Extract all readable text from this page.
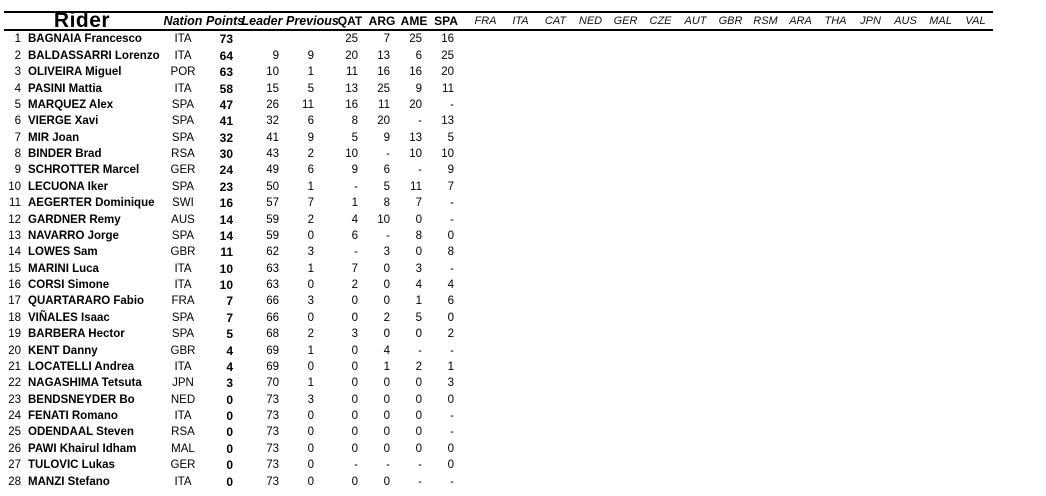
Rider		Nation	Points	Leader	Previous	QAT	ARG	AME	SPA		FRA	ITA	CAT	NED	GER	CZE	AUT	GBR	RSM	ARA	THA	JPN	AUS	MAL	VAL
1	BAGNAIA Francesco	ITA	73			25	7	25	16																
2	BALDASSARRI Lorenzo	ITA	64	9	9	20	13	6	25																
3	OLIVEIRA Miguel	POR	63	10	1	11	16	16	20																
4	PASINI Mattia	ITA	58	15	5	13	25	9	11																
5	MARQUEZ Alex	SPA	47	26	11	16	11	20	-																
6	VIERGE Xavi	SPA	41	32	6	8	20	-	13																
7	MIR Joan	SPA	32	41	9	5	9	13	5																
8	BINDER Brad	RSA	30	43	2	10	-	10	10																
9	SCHROTTER Marcel	GER	24	49	6	9	6	-	9																
10	LECUONA Iker	SPA	23	50	1	-	5	11	7																
11	AEGERTER Dominique	SWI	16	57	7	1	8	7	-																
12	GARDNER Remy	AUS	14	59	2	4	10	0	-																
13	NAVARRO Jorge	SPA	14	59	0	6	-	8	0																
14	LOWES Sam	GBR	11	62	3	-	3	0	8																
15	MARINI Luca	ITA	10	63	1	7	0	3	-																
16	CORSI Simone	ITA	10	63	0	2	0	4	4																
17	QUARTARARO Fabio	FRA	7	66	3	0	0	1	6																
18	VIÑALES Isaac	SPA	7	66	0	0	2	5	0																
19	BARBERA Hector	SPA	5	68	2	3	0	0	2																
20	KENT Danny	GBR	4	69	1	0	4	-	-																
21	LOCATELLI Andrea	ITA	4	69	0	0	1	2	1																
22	NAGASHIMA Tetsuta	JPN	3	70	1	0	0	0	3																
23	BENDSNEYDER Bo	NED	0	73	3	0	0	0	0																
24	FENATI Romano	ITA	0	73	0	0	0	0	-																
25	ODENDAAL Steven	RSA	0	73	0	0	0	0	-																
26	PAWI Khairul Idham	MAL	0	73	0	0	0	0	0																
27	TULOVIC Lukas	GER	0	73	0	-	-	-	0																
28	MANZI Stefano	ITA	0	73	0	0	0	-	-																
